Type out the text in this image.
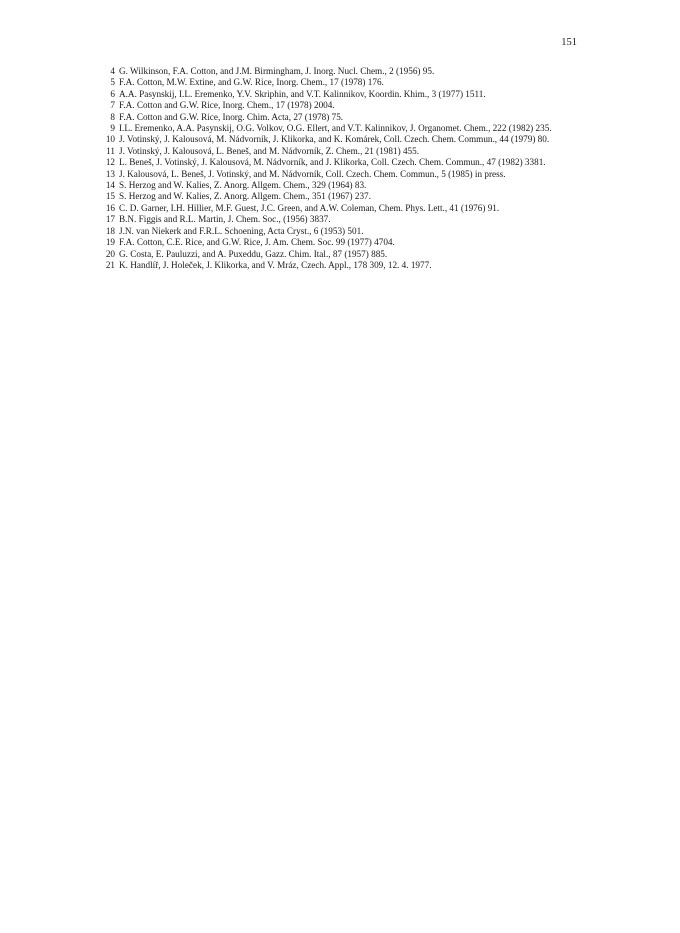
151
4 G. Wilkinson, F.A. Cotton, and J.M. Birmingham, J. Inorg. Nucl. Chem., 2 (1956) 95.
5 F.A. Cotton, M.W. Extine, and G.W. Rice, Inorg. Chem., 17 (1978) 176.
6 A.A. Pasynskij, I.L. Eremenko, Y.V. Skriphin, and V.T. Kalinnikov, Koordin. Khim., 3 (1977) 1511.
7 F.A. Cotton and G.W. Rice, Inorg. Chem., 17 (1978) 2004.
8 F.A. Cotton and G.W. Rice, Inorg. Chim. Acta, 27 (1978) 75.
9 I.L. Eremenko, A.A. Pasynskij, O.G. Volkov, O.G. Ellert, and V.T. Kalinnikov, J. Organomet. Chem., 222 (1982) 235.
10 J. Votinský, J. Kalousová, M. Nádvorník, J. Klikorka, and K. Komárek, Coll. Czech. Chem. Commun., 44 (1979) 80.
11 J. Votinský, J. Kalousová, L. Beneš, and M. Nádvorník, Z. Chem., 21 (1981) 455.
12 L. Beneš, J. Votinský, J. Kalousová, M. Nádvorník, and J. Klikorka, Coll. Czech. Chem. Commun., 47 (1982) 3381.
13 J. Kalousová, L. Beneš, J. Votinský, and M. Nádvorník, Coll. Czech. Chem. Commun., 5 (1985) in press.
14 S. Herzog and W. Kalies, Z. Anorg. Allgem. Chem., 329 (1964) 83.
15 S. Herzog and W. Kalies, Z. Anorg. Allgem. Chem., 351 (1967) 237.
16 C. D. Garner, I.H. Hillier, M.F. Guest, J.C. Green, and A.W. Coleman, Chem. Phys. Lett., 41 (1976) 91.
17 B.N. Figgis and R.L. Martin, J. Chem. Soc., (1956) 3837.
18 J.N. van Niekerk and F.R.L. Schoening, Acta Cryst., 6 (1953) 501.
19 F.A. Cotton, C.E. Rice, and G.W. Rice, J. Am. Chem. Soc. 99 (1977) 4704.
20 G. Costa, E. Pauluzzi, and A. Puxeddu, Gazz. Chim. Ital., 87 (1957) 885.
21 K. Handlíř, J. Holeček, J. Klikorka, and V. Mráz, Czech. Appl., 178 309, 12. 4. 1977.
